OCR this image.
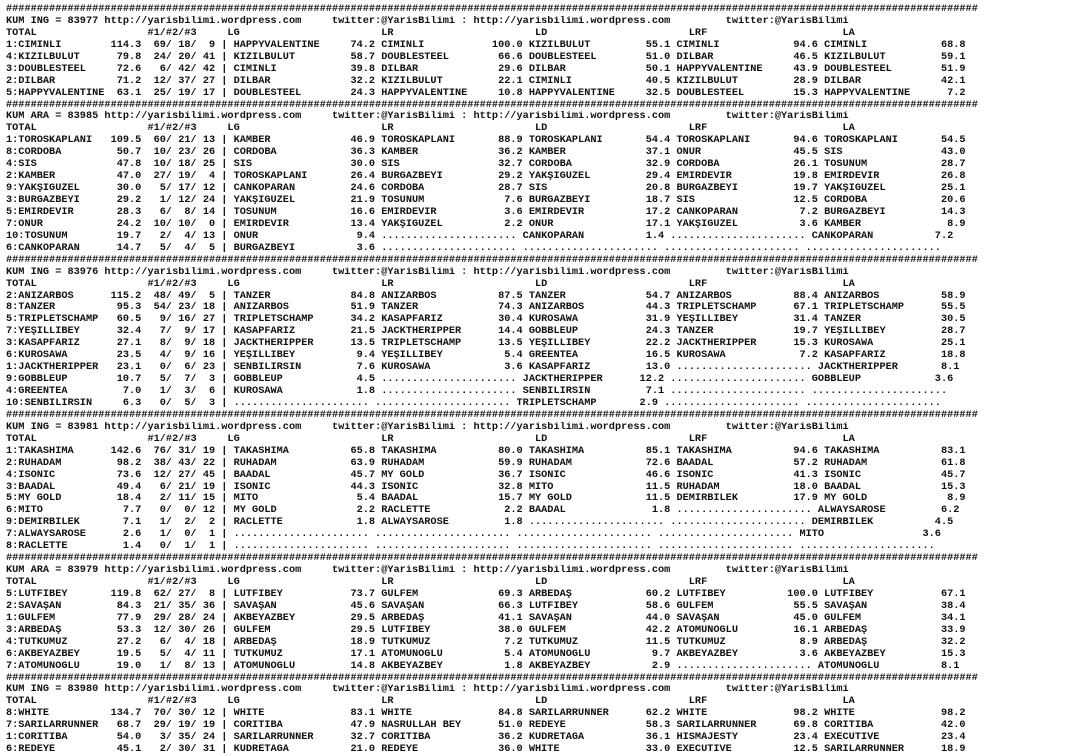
##############################################################################################################################################################
KUM ING = 83977 http://yarisbilimi.wordpress.com     twitter:@YarisBilimi : http://yarisbilimi.wordpress.com         twitter:@YarisBilimi
TOTAL                  #1/#2/#3     LG                       LR                       LD                       LRF                      LA
1:CİMİNLİ        114.3  69/ 18/  9 | HAPPYVALENTINE     74.2 CİMİNLİ           100.0 KIZILBULUT         55.1 CİMİNLİ            94.6 CİMİNLİ            68.8
4:KIZILBULUT      79.8  24/ 20/ 41 | KIZILBULUT         58.7 DOUBLESTEEL        66.6 DOUBLESTEEL        51.0 DİLBAR             46.5 KIZILBULUT         59.1
3:DOUBLESTEEL     72.6   6/ 42/ 42 | CİMİNLİ            39.8 DİLBAR             29.6 DİLBAR             50.1 HAPPYVALENTINE     43.9 DOUBLESTEEL        51.9
2:DİLBAR          71.2  12/ 37/ 27 | DİLBAR             32.2 KIZILBULUT         22.1 CİMİNLİ            40.5 KIZILBULUT         28.9 DİLBAR             42.1
5:HAPPYVALENTINE  63.1  25/ 19/ 17 | DOUBLESTEEL        24.3 HAPPYVALENTINE     10.8 HAPPYVALENTINE     32.5 DOUBLESTEEL        15.3 HAPPYVALENTINE      7.2
##############################################################################################################################################################
KUM ARA = 83985 http://yarisbilimi.wordpress.com     twitter:@YarisBilimi : http://yarisbilimi.wordpress.com         twitter:@YarisBilimi
TOTAL                  #1/#2/#3     LG                       LR                       LD                       LRF                      LA
1:TOROSKAPLANI   109.5  60/ 21/ 13 | KAMBER             46.9 TOROSKAPLANI       88.9 TOROSKAPLANI       54.4 TOROSKAPLANI       94.6 TOROSKAPLANI       54.5
8:CORDOBA         50.7  10/ 23/ 26 | CORDOBA            36.3 KAMBER             36.2 KAMBER             37.1 ONUR               45.5 SİS                43.0
4:SİS             47.8  10/ 18/ 25 | SİS                30.0 SİS                32.7 CORDOBA            32.9 CORDOBA            26.1 TOSUNUM            28.7
2:KAMBER          47.0  27/ 19/  4 | TOROSKAPLANI       26.4 BURGAZBEYİ         29.2 YAKŞIGÜZEL         29.4 EMİRDEVİR          19.8 EMİRDEVİR          26.8
9:YAKŞIGÜZEL      30.0   5/ 17/ 12 | CANKOPARAN         24.6 CORDOBA            28.7 SİS                20.8 BURGAZBEYİ         19.7 YAKŞIGÜZEL         25.1
3:BURGAZBEYİ      29.2   1/ 12/ 24 | YAKŞIGÜZEL         21.9 TOSUNUM             7.6 BURGAZBEYİ         18.7 SİS                12.5 CORDOBA            20.6
5:EMİRDEVİR       28.3   6/  8/ 14 | TOSUNUM            16.6 EMİRDEVİR           3.6 EMİRDEVİR          17.2 CANKOPARAN          7.2 BURGAZBEYİ         14.3
7:ONUR            24.2  10/ 10/  0 | EMİRDEVİR          13.4 YAKŞIGÜZEL          2.2 ONUR               17.1 YAKŞIGÜZEL          3.6 KAMBER              8.9
10:TOSUNUM        19.7   2/  4/ 13 | ONUR                9.4 ...................... CANKOPARAN          1.4 ...................... CANKOPARAN          7.2
6:CANKOPARAN      14.7   5/  4/  5 | BURGAZBEYİ          3.6 ...................... ...................... ...................... ......................
##############################################################################################################################################################
KUM ING = 83976 http://yarisbilimi.wordpress.com     twitter:@YarisBilimi : http://yarisbilimi.wordpress.com         twitter:@YarisBilimi
TOTAL                  #1/#2/#3     LG                       LR                       LD                       LRF                      LA
2:ANIZARBOS      115.2  48/ 49/  5 | TANZER             84.8 ANIZARBOS          87.5 TANZER             54.7 ANIZARBOS          88.4 ANIZARBOS          58.9
8:TANZER          95.3  54/ 23/ 18 | ANIZARBOS          51.9 TANZER             74.3 ANIZARBOS          44.3 TRIPLETSCHAMP      67.1 TRIPLETSCHAMP      55.5
5:TRIPLETSCHAMP   60.5   9/ 16/ 27 | TRIPLETSCHAMP      34.2 KASAPFARİZ         30.4 KUROSAWA           31.9 YEŞİLLİBEY         31.4 TANZER             30.5
7:YEŞİLLİBEY      32.4   7/  9/ 17 | KASAPFARİZ         21.5 JACKTHERIPPER      14.4 GOBBLEUP           24.3 TANZER             19.7 YEŞİLLİBEY         28.7
3:KASAPFARİZ      27.1   8/  9/ 18 | JACKTHERIPPER      13.5 TRIPLETSCHAMP      13.5 YEŞİLLİBEY         22.2 JACKTHERIPPER      15.3 KUROSAWA           25.1
6:KUROSAWA        23.5   4/  9/ 16 | YEŞİLLİBEY          9.4 YEŞİLLİBEY          5.4 GREENTEA           16.5 KUROSAWA            7.2 KASAPFARİZ         18.8
1:JACKTHERIPPER   23.1   0/  6/ 23 | SENBİLİRSİN         7.6 KUROSAWA            3.6 KASAPFARİZ         13.0 ...................... JACKTHERIPPER       8.1
9:GOBBLEUP        10.7   5/  7/  3 | GOBBLEUP            4.5 ...................... JACKTHERIPPER      12.2 ...................... GOBBLEUP            3.6
4:GREENTEA         7.0   1/  3/  6 | KUROSAWA            1.8 ...................... SENBİLİRSİN         7.1 ...................... ......................
10:SENBİLİRSİN     6.3   0/  5/  3 | ...................... ...................... TRIPLETSCHAMP       2.9 ...................... ......................
##############################################################################################################################################################
KUM ING = 83981 http://yarisbilimi.wordpress.com     twitter:@YarisBilimi : http://yarisbilimi.wordpress.com         twitter:@YarisBilimi
TOTAL                  #1/#2/#3     LG                       LR                       LD                       LRF                      LA
1:TAKASHIMA      142.6  76/ 31/ 19 | TAKASHIMA          65.8 TAKASHIMA          80.0 TAKASHIMA          85.1 TAKASHIMA          94.6 TAKASHIMA          83.1
2:RUHADAM         98.2  38/ 43/ 22 | RUHADAM            63.9 RUHADAM            59.9 RUHADAM            72.6 BAADAL             57.2 RUHADAM            61.8
4:ISONIC          73.6  12/ 27/ 45 | BAADAL             45.7 MY GOLD            36.7 ISONIC             46.6 ISONIC             41.3 ISONIC             45.7
3:BAADAL          49.4   6/ 21/ 19 | ISONIC             44.3 ISONIC             32.8 MİTO               11.5 RUHADAM            18.0 BAADAL             15.3
5:MY GOLD         18.4   2/ 11/ 15 | MİTO                5.4 BAADAL             15.7 MY GOLD            11.5 DEMİRBİLEK         17.9 MY GOLD             8.9
6:MİTO             7.7   0/  0/ 12 | MY GOLD             2.2 RACLETTE            2.2 BAADAL              1.8 ...................... ALWAYSAROSE         6.2
9:DEMİRBİLEK       7.1   1/  2/  2 | RACLETTE            1.8 ALWAYSAROSE         1.8 ...................... ...................... DEMİRBİLEK          4.5
7:ALWAYSAROSE      2.6   1/  0/  1 | ...................... ...................... ...................... ...................... MİTO                3.6
8:RACLETTE         1.4   0/  1/  1 | ...................... ...................... ...................... ...................... ......................
##############################################################################################################################################################
KUM ARA = 83979 http://yarisbilimi.wordpress.com     twitter:@YarisBilimi : http://yarisbilimi.wordpress.com         twitter:@YarisBilimi
TOTAL                  #1/#2/#3     LG                       LR                       LD                       LRF                      LA
5:LÜTFİBEY       119.8  62/ 27/  8 | LÜTFİBEY           73.7 GÜLFEM             69.3 ARBEDAŞ            60.2 LÜTFİBEY          100.0 LÜTFİBEY           67.1
2:SAVAŞAN         84.3  21/ 35/ 36 | SAVAŞAN            45.6 SAVAŞAN            66.3 LÜTFİBEY           58.6 GÜLFEM             55.5 SAVAŞAN            38.4
1:GÜLFEM          77.9  29/ 28/ 24 | AKBEYAZBEY         29.5 ARBEDAŞ            41.1 SAVAŞAN            44.0 SAVAŞAN            45.0 GÜLFEM             34.1
3:ARBEDAŞ         53.3  12/ 30/ 26 | GÜLFEM             29.5 LÜTFİBEY           38.0 GÜLFEM             42.2 ATOMUNOĞLU         16.1 ARBEDAŞ            33.9
4:TUTKUMUZ        27.2   6/  4/ 18 | ARBEDAŞ            18.9 TUTKUMUZ            7.2 TUTKUMUZ           11.5 TUTKUMUZ            8.9 ARBEDAŞ            32.2
6:AKBEYAZBEY      19.5   5/  4/ 11 | TUTKUMUZ           17.1 ATOMUNOĞLU          5.4 ATOMUNOĞLU          9.7 AKBEYAZBEY          3.6 AKBEYAZBEY         15.3
7:ATOMUNOĞLU      19.0   1/  8/ 13 | ATOMUNOĞLU         14.8 AKBEYAZBEY          1.8 AKBEYAZBEY          2.9 ...................... ATOMUNOĞLU          8.1
##############################################################################################################################################################
KUM ING = 83980 http://yarisbilimi.wordpress.com     twitter:@YarisBilimi : http://yarisbilimi.wordpress.com         twitter:@YarisBilimi
TOTAL                  #1/#2/#3     LG                       LR                       LD                       LRF                      LA
8:WHITE          134.7  70/ 30/ 12 | WHITE              83.1 WHITE              84.8 SARILARRUNNER      62.2 WHITE              98.2 WHITE              98.2
7:SARILARRUNNER   68.7  29/ 19/ 19 | CORITIBA           47.9 NASRULLAH BEY      51.0 REDEYE             58.3 SARILARRUNNER      69.8 CORITIBA           42.0
1:CORITIBA        54.0   3/ 35/ 24 | SARILARRUNNER      32.7 CORITIBA           36.2 KUDRETAĞA          36.1 HISMAJESTY         23.4 EXECUTIVE          23.4
6:REDEYE          45.1   2/ 30/ 31 | KUDRETAĞA          21.0 REDEYE             36.0 WHITE              33.0 EXECUTIVE          12.5 SARILARRUNNER      18.9
